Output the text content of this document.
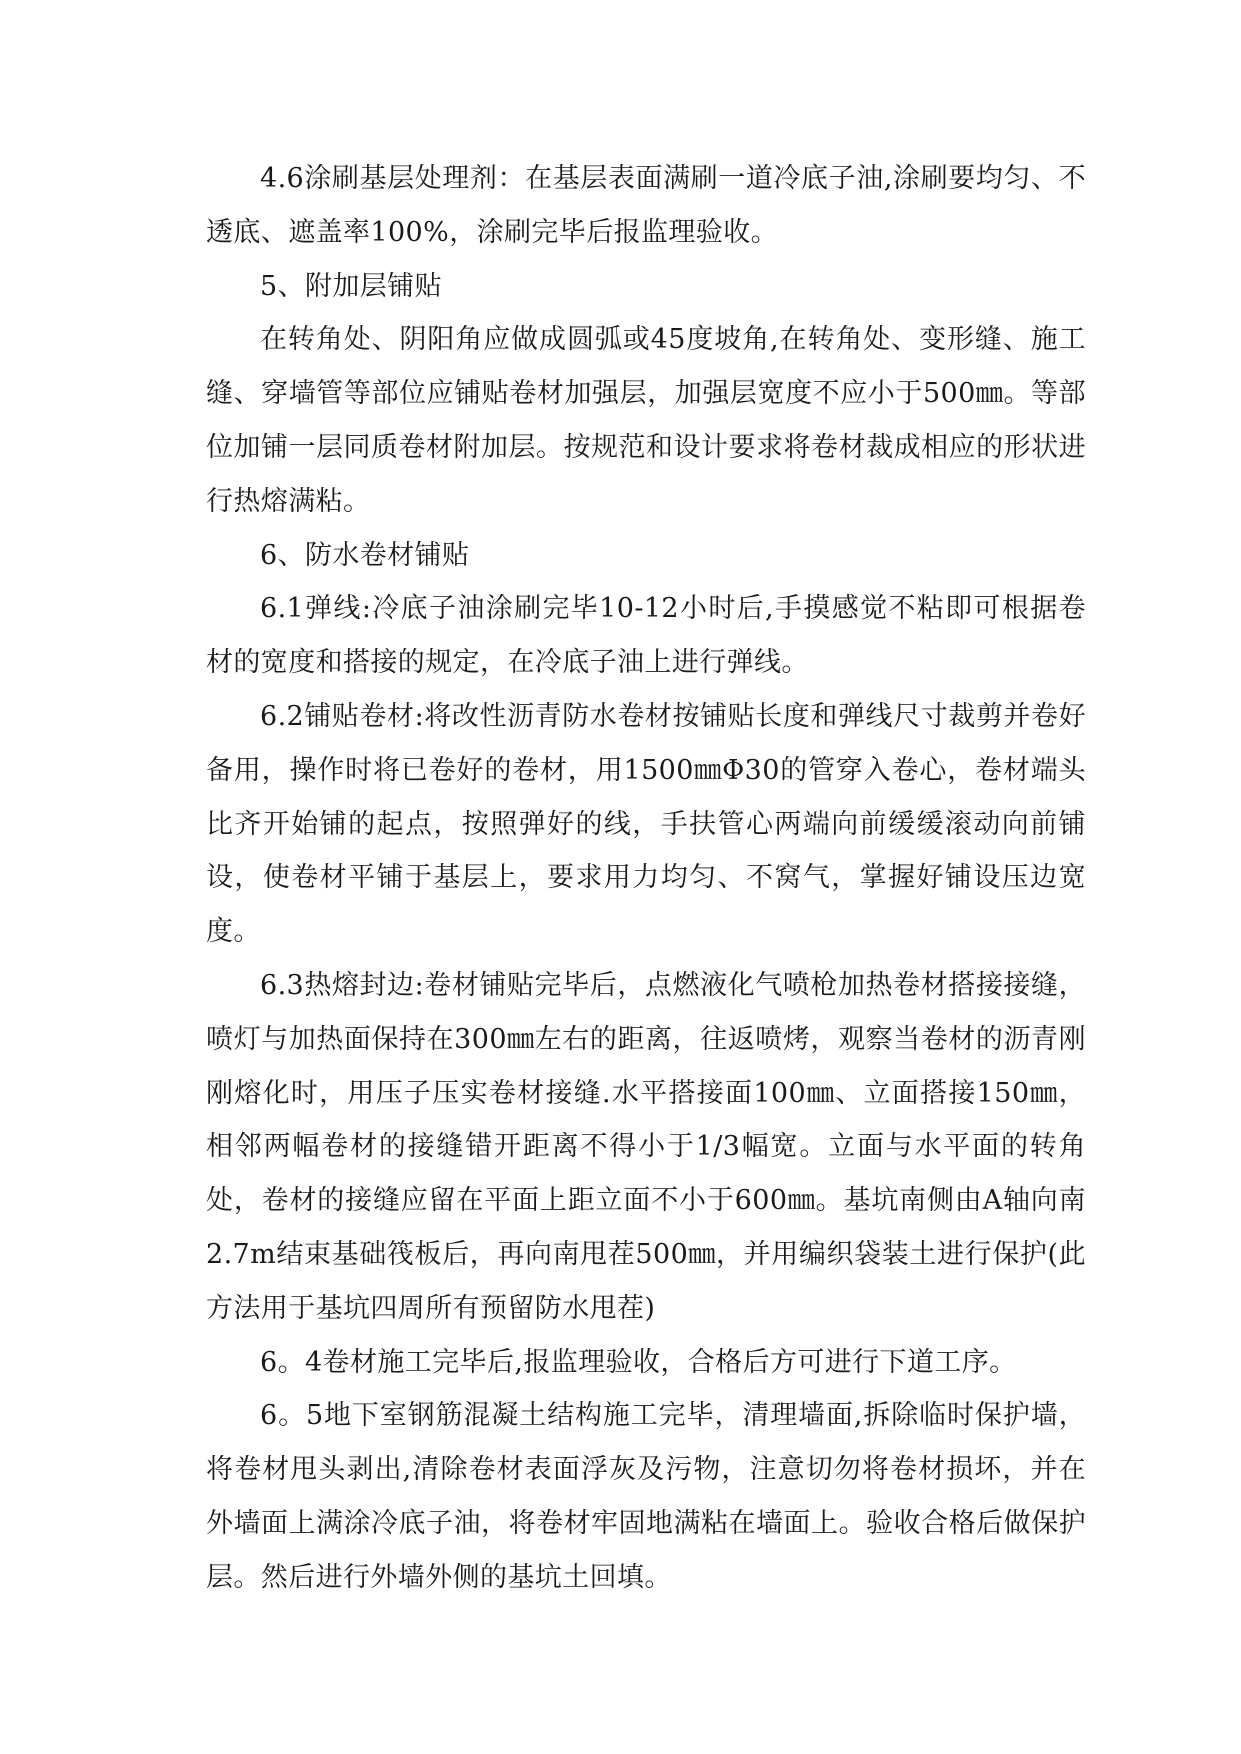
4.6涂刷基层处理剂：在基层表面满刷一道冷底子油,涂刷要均匀、不透底、遮盖率100%，涂刷完毕后报监理验收。

5、附加层铺贴

在转角处、阴阳角应做成圆弧或45度坡角,在转角处、变形缝、施工缝、穿墙管等部位应铺贴卷材加强层，加强层宽度不应小于500㎜。等部位加铺一层同质卷材附加层。按规范和设计要求将卷材裁成相应的形状进行热熔满粘。

6、防水卷材铺贴

6.1弹线:冷底子油涂刷完毕10-12小时后,手摸感觉不粘即可根据卷材的宽度和搭接的规定，在冷底子油上进行弹线。

6.2铺贴卷材:将改性沥青防水卷材按铺贴长度和弹线尺寸裁剪并卷好备用，操作时将已卷好的卷材，用1500㎜Φ30的管穿入卷心，卷材端头比齐开始铺的起点，按照弹好的线，手扶管心两端向前缓缓滚动向前铺设，使卷材平铺于基层上，要求用力均匀、不窝气，掌握好铺设压边宽度。

6.3热熔封边:卷材铺贴完毕后，点燃液化气喷枪加热卷材搭接接缝，喷灯与加热面保持在300㎜左右的距离，往返喷烤，观察当卷材的沥青刚刚熔化时，用压子压实卷材接缝.水平搭接面100㎜、立面搭接150㎜，相邻两幅卷材的接缝错开距离不得小于1/3幅宽。立面与水平面的转角处，卷材的接缝应留在平面上距立面不小于600㎜。基坑南侧由A轴向南2.7m结束基础筏板后，再向南甩茬500㎜，并用编织袋装土进行保护(此方法用于基坑四周所有预留防水甩茬)

6。4卷材施工完毕后,报监理验收，合格后方可进行下道工序。

6。5地下室钢筋混凝土结构施工完毕，清理墙面,拆除临时保护墙，将卷材甩头剥出,清除卷材表面浮灰及污物，注意切勿将卷材损坏，并在外墙面上满涂冷底子油，将卷材牢固地满粘在墙面上。验收合格后做保护层。然后进行外墙外侧的基坑土回填。
